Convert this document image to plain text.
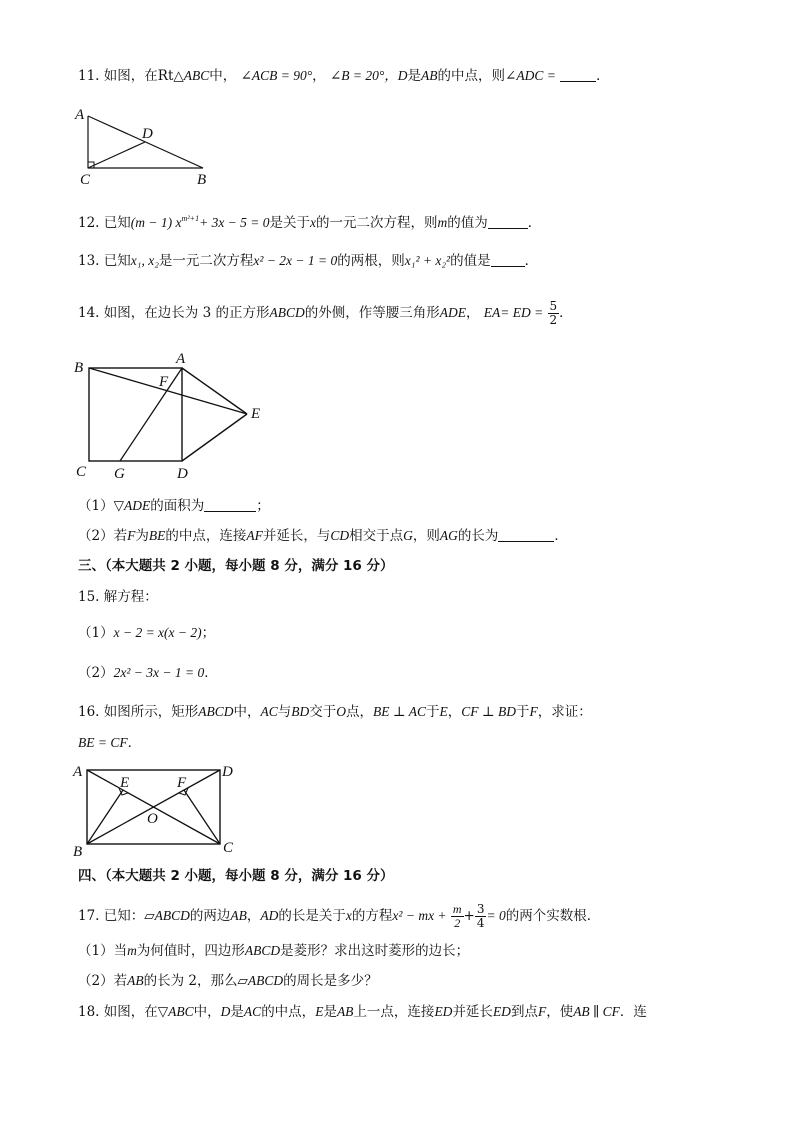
11. 如图，在Rt△ABC中， ∠ACB = 90°， ∠B = 20°，D是AB的中点，则∠ADC =	．
A
D
C	B
12. 已知(m − 1) $x^{m^2+1}+ 3x - 5 = 0$是关于x的一元二次方程，则m的值为	．
13. 已知x₁, x₂是一元二次方程x² − 2x − 1 = 0的两根，则x₁² + x₂²的值是	．
14. 如图，在边长为 3 的正方形ABCD的外侧，作等腰三角形ADE， EA= ED = $\frac{5}{2}$ ．
B
A
F
E
C G	D
（1）▽ADE的面积为	；
（2）若F为BE的中点，连接AF并延长，与CD相交于点G，则AG的长为	．
三、（本大题共 2 小题，每小题 8 分，满分 16 分）
15. 解方程：
（1）x − 2 = x(x − 2)；
（2）2x² − 3x − 1 = 0．
16. 如图所示，矩形ABCD中，AC与BD交于O点，BE ⊥ AC于E，CF ⊥ BD于F，求证：
BE = CF．
A	D
E	F
O
B	C
四、（本大题共 2 小题，每小题 8 分，满分 16 分）
17. 已知：▱ABCD的两边AB，AD的长是关于x的方程x² − mx + $\frac{m}{2} + \frac{3}{4} = 0$的两个实数根．
（1）当m为何值时，四边形ABCD是菱形？求出这时菱形的边长；
（2）若AB的长为 2，那么▱ABCD的周长是多少？
18. 如图，在▽ABC中，D是AC的中点，E是AB上一点，连接ED并延长ED到点F，使AB ∥ CF．连
